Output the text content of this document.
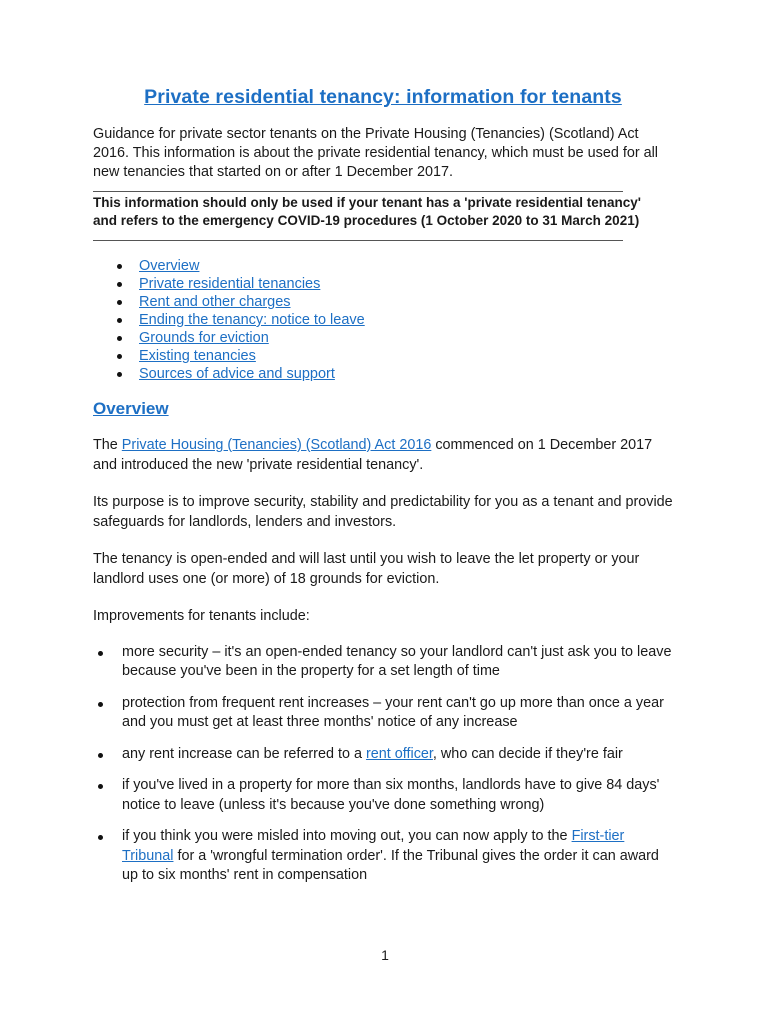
Private residential tenancy: information for tenants

Guidance for private sector tenants on the Private Housing (Tenancies) (Scotland) Act 2016. This information is about the private residential tenancy, which must be used for all new tenancies that started on or after 1 December 2017.

This information should only be used if your tenant has a 'private residential tenancy' and refers to the emergency COVID-19 procedures (1 October 2020 to 31 March 2021)

Overview
Private residential tenancies
Rent and other charges
Ending the tenancy: notice to leave
Grounds for eviction
Existing tenancies
Sources of advice and support
Overview

The Private Housing (Tenancies) (Scotland) Act 2016 commenced on 1 December 2017 and introduced the new 'private residential tenancy'.

Its purpose is to improve security, stability and predictability for you as a tenant and provide safeguards for landlords, lenders and investors.

The tenancy is open-ended and will last until you wish to leave the let property or your landlord uses one (or more) of 18 grounds for eviction.

Improvements for tenants include:

more security – it's an open-ended tenancy so your landlord can't just ask you to leave because you've been in the property for a set length of time
protection from frequent rent increases – your rent can't go up more than once a year and you must get at least three months' notice of any increase
any rent increase can be referred to a rent officer, who can decide if they're fair
if you've lived in a property for more than six months, landlords have to give 84 days' notice to leave (unless it's because you've done something wrong)
if you think you were misled into moving out, you can now apply to the First-tier Tribunal for a 'wrongful termination order'. If the Tribunal gives the order it can award up to six months' rent in compensation
1
